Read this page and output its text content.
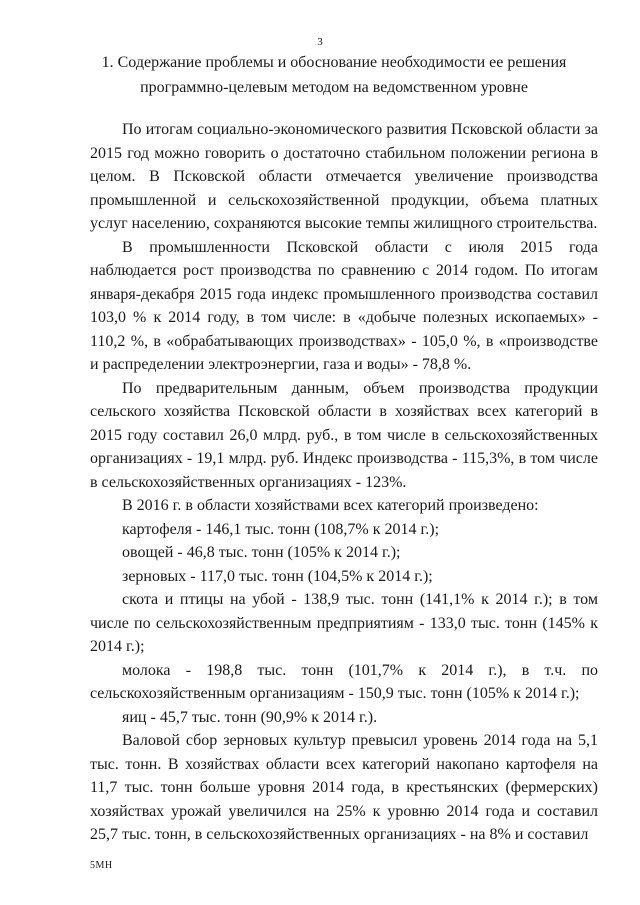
3
1. Содержание проблемы и обоснование необходимости ее решения программно-целевым методом на ведомственном уровне

По итогам социально-экономического развития Псковской области за 2015 год можно говорить о достаточно стабильном положении региона в целом. В Псковской области отмечается увеличение производства промышленной и сельскохозяйственной продукции, объема платных услуг населению, сохраняются высокие темпы жилищного строительства.

В промышленности Псковской области с июля 2015 года наблюдается рост производства по сравнению с 2014 годом. По итогам января-декабря 2015 года индекс промышленного производства составил 103,0 % к 2014 году, в том числе: в «добыче полезных ископаемых» - 110,2 %, в «обрабатывающих производствах» - 105,0 %, в «производстве и распределении электроэнергии, газа и воды» - 78,8 %.

По предварительным данным, объем производства продукции сельского хозяйства Псковской области в хозяйствах всех категорий в 2015 году составил 26,0 млрд. руб., в том числе в сельскохозяйственных организациях - 19,1 млрд. руб. Индекс производства - 115,3%, в том числе в сельскохозяйственных организациях - 123%.

В 2016 г. в области хозяйствами всех категорий произведено:

картофеля - 146,1 тыс. тонн (108,7% к 2014 г.);

овощей - 46,8 тыс. тонн (105% к 2014 г.);

зерновых - 117,0 тыс. тонн (104,5% к 2014 г.);

скота и птицы на убой - 138,9 тыс. тонн (141,1% к 2014 г.); в том числе по сельскохозяйственным предприятиям - 133,0 тыс. тонн (145% к 2014 г.);

молока - 198,8 тыс. тонн (101,7% к 2014 г.), в т.ч. по сельскохозяйственным организациям - 150,9 тыс. тонн (105% к 2014 г.);

яиц - 45,7 тыс. тонн (90,9% к 2014 г.).

Валовой сбор зерновых культур превысил уровень 2014 года на 5,1 тыс. тонн. В хозяйствах области всех категорий накопано картофеля на 11,7 тыс. тонн больше уровня 2014 года, в крестьянских (фермерских) хозяйствах урожай увеличился на 25% к уровню 2014 года и составил 25,7 тыс. тонн, в сельскохозяйственных организациях - на 8% и составил

5МН
